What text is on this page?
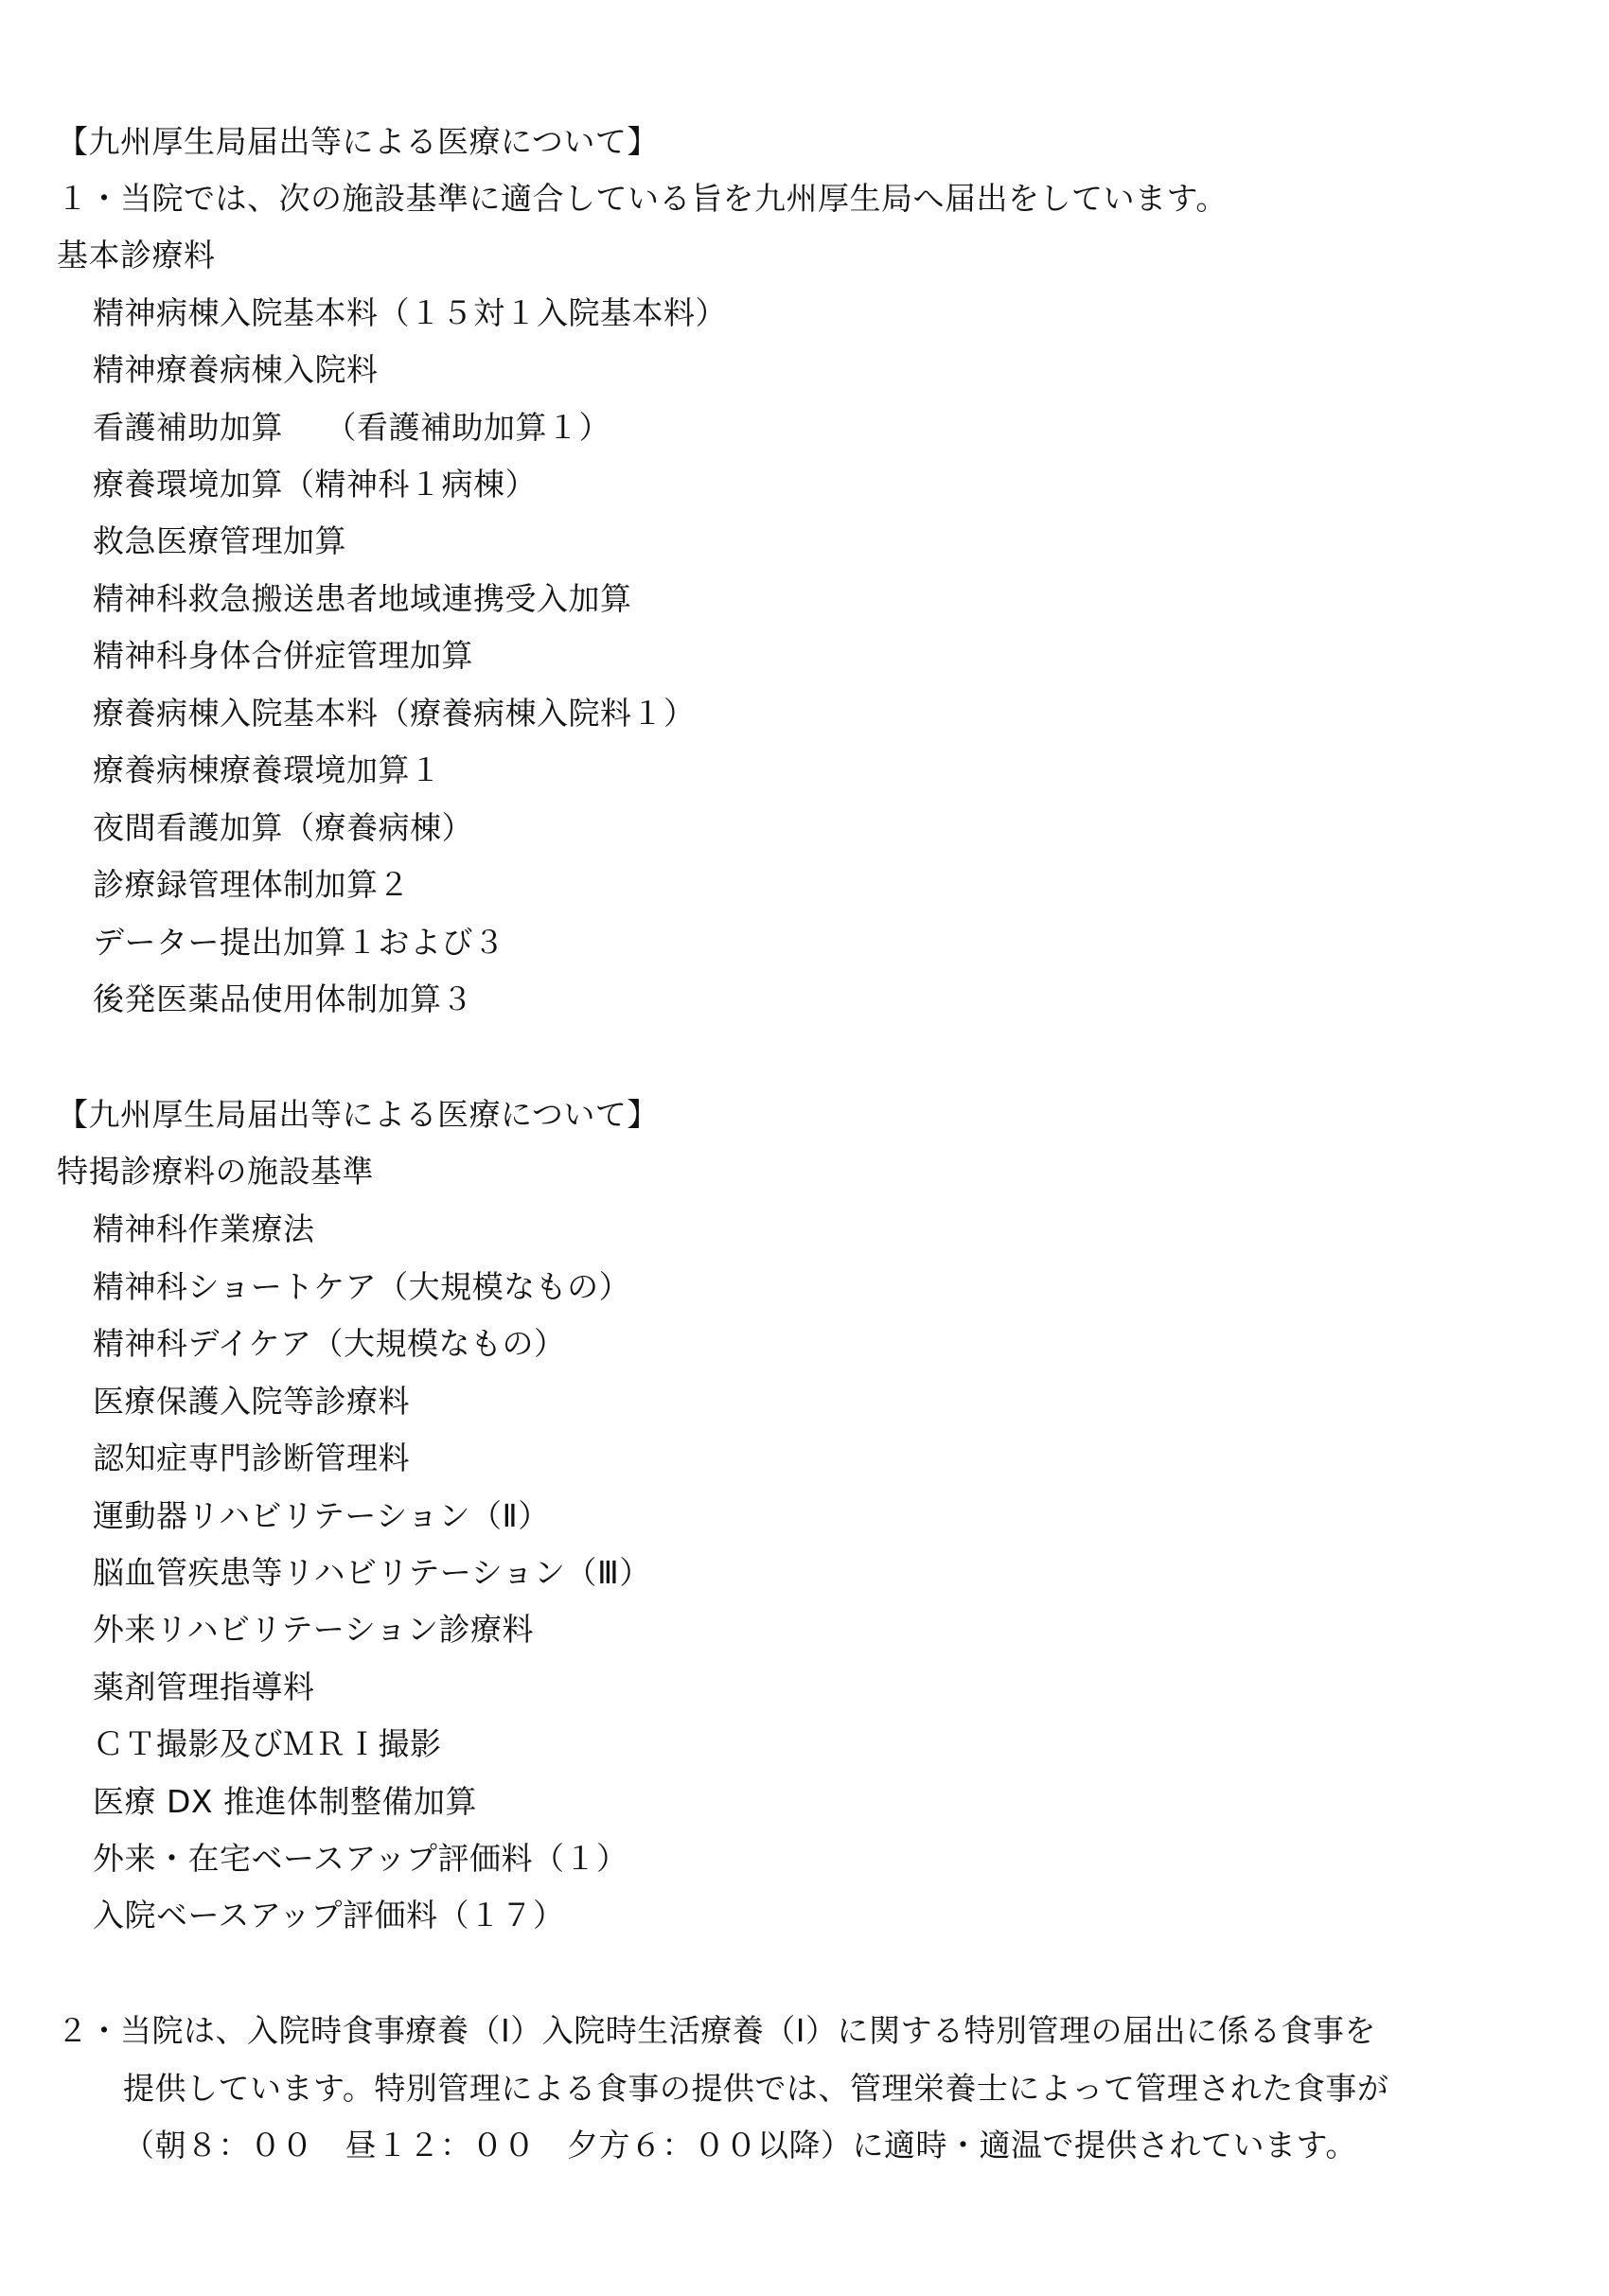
【九州厚生局届出等による医療について】
１・当院では、次の施設基準に適合している旨を九州厚生局へ届出をしています。
基本診療料
精神病棟入院基本料（１５対１入院基本料）
精神療養病棟入院料
看護補助加算　 （看護補助加算１）
療養環境加算（精神科１病棟）
救急医療管理加算
精神科救急搬送患者地域連携受入加算
精神科身体合併症管理加算
療養病棟入院基本料（療養病棟入院料１）
療養病棟療養環境加算１
夜間看護加算（療養病棟）
診療録管理体制加算２
データー提出加算１および３
後発医薬品使用体制加算３
【九州厚生局届出等による医療について】
特掲診療料の施設基準
精神科作業療法
精神科ショートケア（大規模なもの）
精神科デイケア（大規模なもの）
医療保護入院等診療料
認知症専門診断管理料
運動器リハビリテーション（Ⅱ）
脳血管疾患等リハビリテーション（Ⅲ）
外来リハビリテーション診療料
薬剤管理指導料
ＣＴ撮影及びＭＲＩ撮影
医療 DX 推進体制整備加算
外来・在宅ベースアップ評価料（１）
入院ベースアップ評価料（１７）
２・当院は、入院時食事療養（Ⅰ）入院時生活療養（Ⅰ）に関する特別管理の届出に係る食事を
提供しています。特別管理による食事の提供では、管理栄養士によって管理された食事が
（朝８：００　昼１２：００　夕方６：００以降）に適時・適温で提供されています。
